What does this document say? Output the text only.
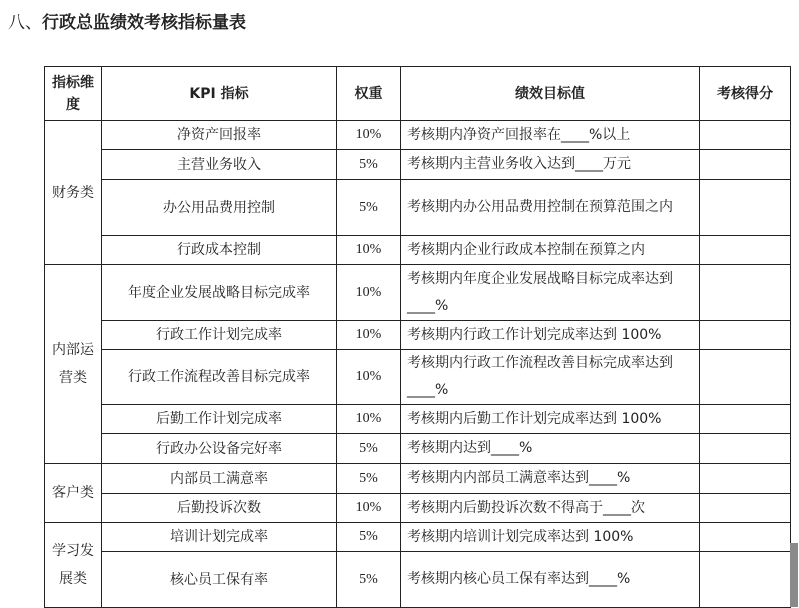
八、行政总监绩效考核指标量表
指标维度	KPI 指标	权重	绩效目标值	考核得分
财务类	净资产回报率	10%	考核期内净资产回报率在____%以上	
	主营业务收入	5%	考核期内主营业务收入达到____万元	
	办公用品费用控制	5%	考核期内办公用品费用控制在预算范围之内	
	行政成本控制	10%	考核期内企业行政成本控制在预算之内	
内部运营类	年度企业发展战略目标完成率	10%	考核期内年度企业发展战略目标完成率达到____%	
	行政工作计划完成率	10%	考核期内行政工作计划完成率达到 100%	
	行政工作流程改善目标完成率	10%	考核期内行政工作流程改善目标完成率达到____%	
	后勤工作计划完成率	10%	考核期内后勤工作计划完成率达到 100%	
	行政办公设备完好率	5%	考核期内达到____%	
客户类	内部员工满意率	5%	考核期内内部员工满意率达到____%	
	后勤投诉次数	10%	考核期内后勤投诉次数不得高于____次	
学习发展类	培训计划完成率	5%	考核期内培训计划完成率达到 100%	
	核心员工保有率	5%	考核期内核心员工保有率达到____%	
